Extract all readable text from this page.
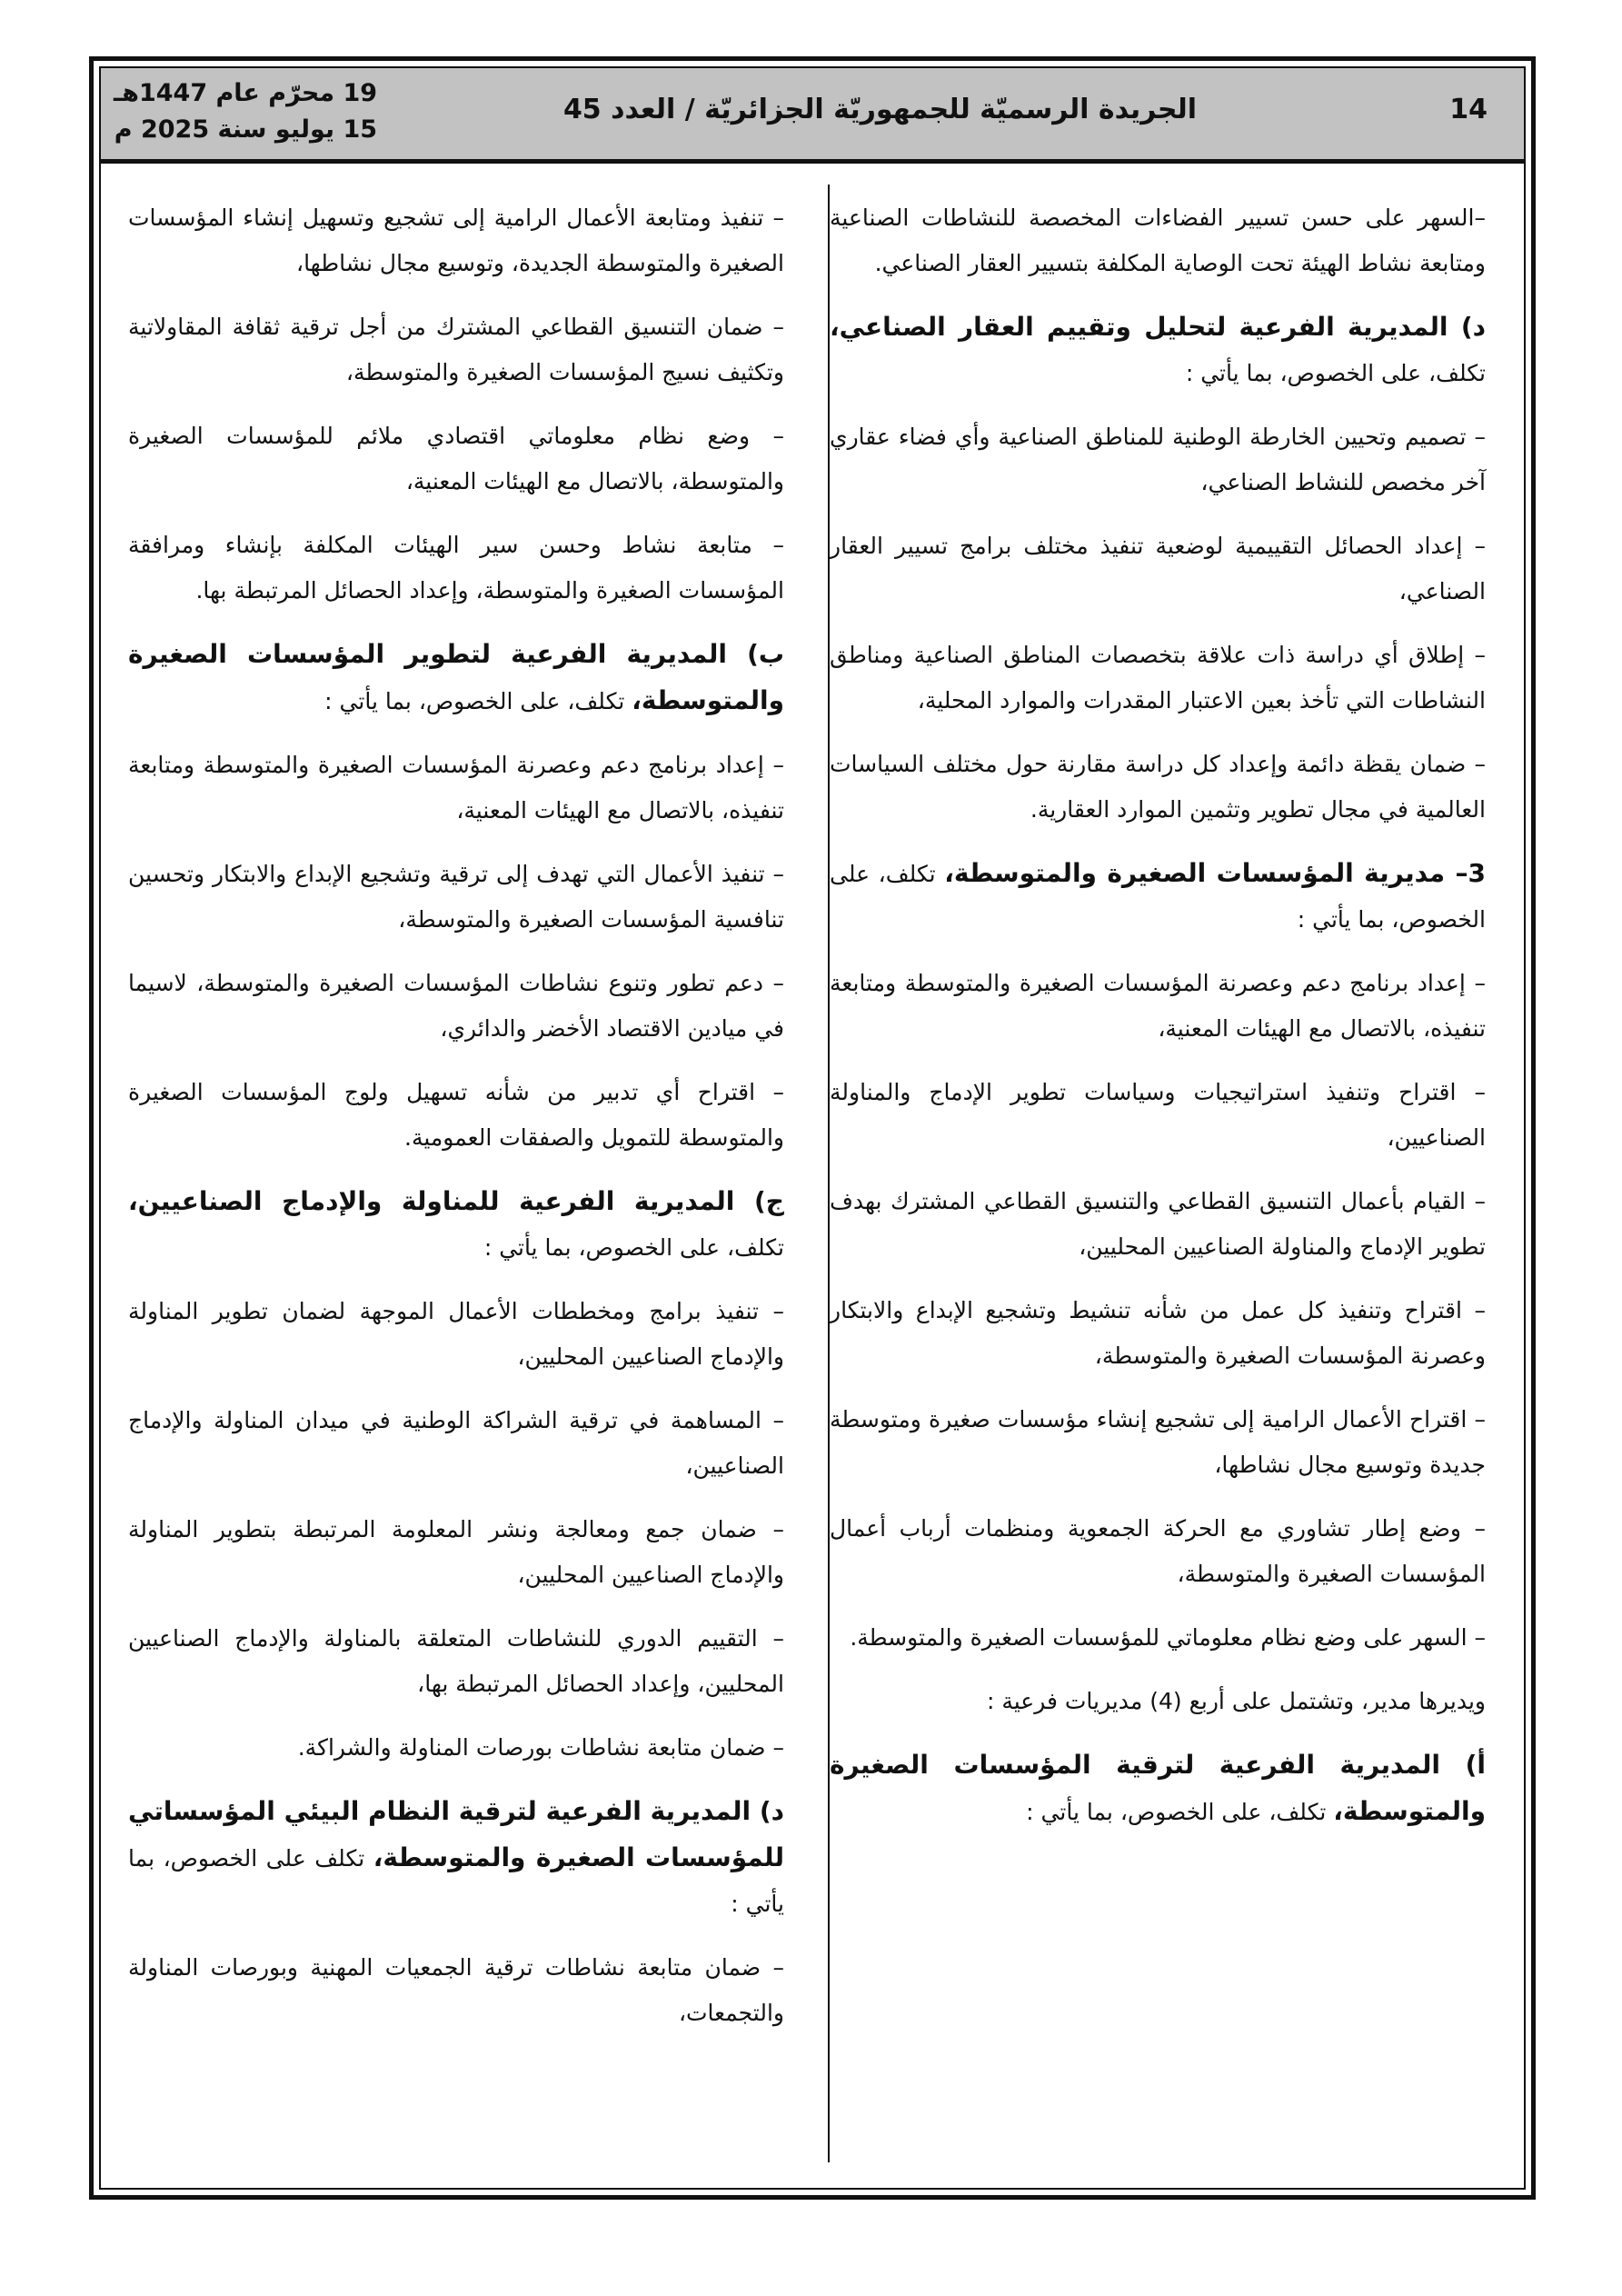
14
الجريدة الرسميّة للجمهوريّة الجزائريّة / العدد 45
19 محرّم عام 1447هـ
15 يوليو سنة 2025 م

–السهر على حسن تسيير الفضاءات المخصصة للنشاطات الصناعية ومتابعة نشاط الهيئة تحت الوصاية المكلفة بتسيير العقار الصناعي.

د) المديرية الفرعية لتحليل وتقييم العقار الصناعي، تكلف، على الخصوص، بما يأتي :

– تصميم وتحيين الخارطة الوطنية للمناطق الصناعية وأي فضاء عقاري آخر مخصص للنشاط الصناعي،

– إعداد الحصائل التقييمية لوضعية تنفيذ مختلف برامج تسيير العقار الصناعي،

– إطلاق أي دراسة ذات علاقة بتخصصات المناطق الصناعية ومناطق النشاطات التي تأخذ بعين الاعتبار المقدرات والموارد المحلية،

– ضمان يقظة دائمة وإعداد كل دراسة مقارنة حول مختلف السياسات العالمية في مجال تطوير وتثمين الموارد العقارية.

3– مديرية المؤسسات الصغيرة والمتوسطة، تكلف، على الخصوص، بما يأتي :

– إعداد برنامج دعم وعصرنة المؤسسات الصغيرة والمتوسطة ومتابعة تنفيذه، بالاتصال مع الهيئات المعنية،

– اقتراح وتنفيذ استراتيجيات وسياسات تطوير الإدماج والمناولة الصناعيين،

– القيام بأعمال التنسيق القطاعي والتنسيق القطاعي المشترك بهدف تطوير الإدماج والمناولة الصناعيين المحليين،

– اقتراح وتنفيذ كل عمل من شأنه تنشيط وتشجيع الإبداع والابتكار وعصرنة المؤسسات الصغيرة والمتوسطة،

– اقتراح الأعمال الرامية إلى تشجيع إنشاء مؤسسات صغيرة ومتوسطة جديدة وتوسيع مجال نشاطها،

– وضع إطار تشاوري مع الحركة الجمعوية ومنظمات أرباب أعمال المؤسسات الصغيرة والمتوسطة،

– السهر على وضع نظام معلوماتي للمؤسسات الصغيرة والمتوسطة.

ويديرها مدير، وتشتمل على أربع (4) مديريات فرعية :

أ) المديرية الفرعية لترقية المؤسسات الصغيرة والمتوسطة، تكلف، على الخصوص، بما يأتي :

– تنفيذ ومتابعة الأعمال الرامية إلى تشجيع وتسهيل إنشاء المؤسسات الصغيرة والمتوسطة الجديدة، وتوسيع مجال نشاطها،

– ضمان التنسيق القطاعي المشترك من أجل ترقية ثقافة المقاولاتية وتكثيف نسيج المؤسسات الصغيرة والمتوسطة،

– وضع نظام معلوماتي اقتصادي ملائم للمؤسسات الصغيرة والمتوسطة، بالاتصال مع الهيئات المعنية،

– متابعة نشاط وحسن سير الهيئات المكلفة بإنشاء ومرافقة المؤسسات الصغيرة والمتوسطة، وإعداد الحصائل المرتبطة بها.

ب) المديرية الفرعية لتطوير المؤسسات الصغيرة والمتوسطة، تكلف، على الخصوص، بما يأتي :

– إعداد برنامج دعم وعصرنة المؤسسات الصغيرة والمتوسطة ومتابعة تنفيذه، بالاتصال مع الهيئات المعنية،

– تنفيذ الأعمال التي تهدف إلى ترقية وتشجيع الإبداع والابتكار وتحسين تنافسية المؤسسات الصغيرة والمتوسطة،

– دعم تطور وتنوع نشاطات المؤسسات الصغيرة والمتوسطة، لاسيما في ميادين الاقتصاد الأخضر والدائري،

– اقتراح أي تدبير من شأنه تسهيل ولوج المؤسسات الصغيرة والمتوسطة للتمويل والصفقات العمومية.

ج) المديرية الفرعية للمناولة والإدماج الصناعيين، تكلف، على الخصوص، بما يأتي :

– تنفيذ برامج ومخططات الأعمال الموجهة لضمان تطوير المناولة والإدماج الصناعيين المحليين،

– المساهمة في ترقية الشراكة الوطنية في ميدان المناولة والإدماج الصناعيين،

– ضمان جمع ومعالجة ونشر المعلومة المرتبطة بتطوير المناولة والإدماج الصناعيين المحليين،

– التقييم الدوري للنشاطات المتعلقة بالمناولة والإدماج الصناعيين المحليين، وإعداد الحصائل المرتبطة بها،

– ضمان متابعة نشاطات بورصات المناولة والشراكة.

د) المديرية الفرعية لترقية النظام البيئي المؤسساتي للمؤسسات الصغيرة والمتوسطة، تكلف على الخصوص، بما يأتي :

– ضمان متابعة نشاطات ترقية الجمعيات المهنية وبورصات المناولة والتجمعات،
